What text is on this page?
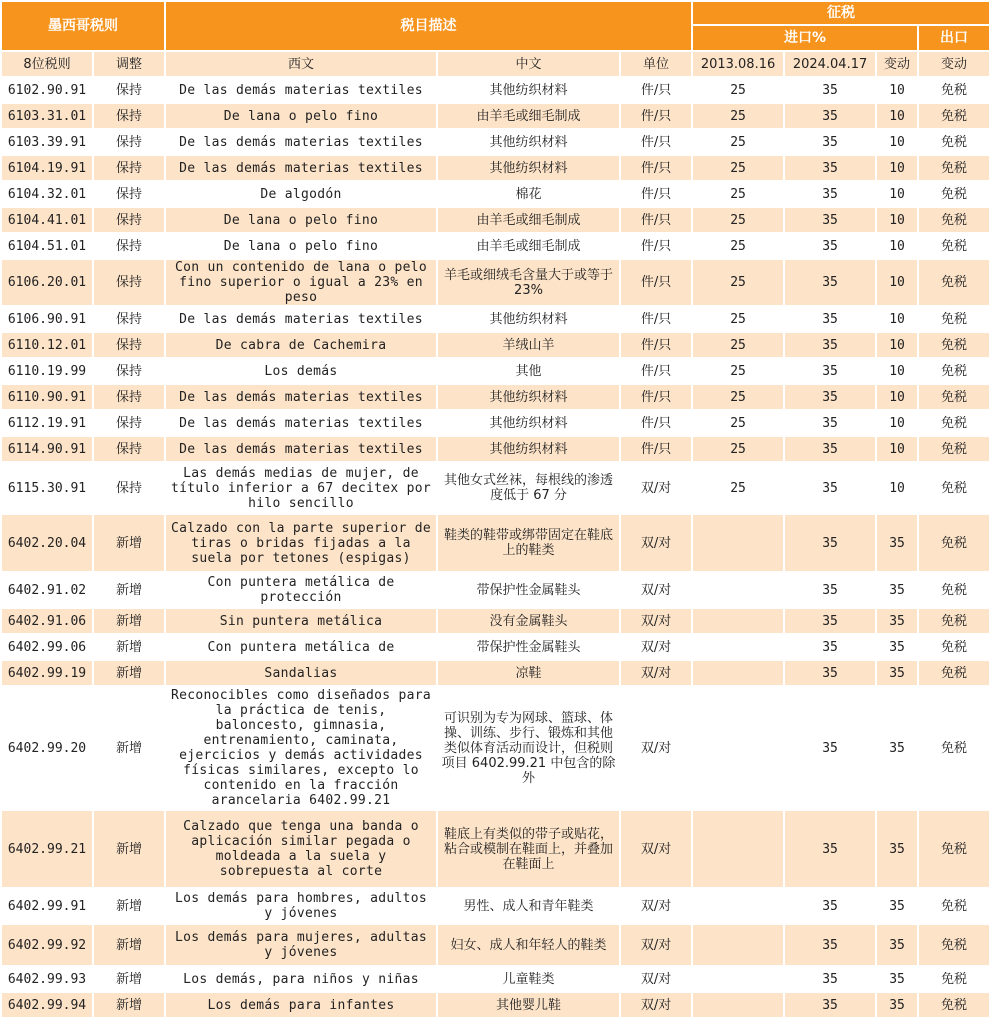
墨西哥税则		税目描述			征税			
					进口%			出口
8位税则	调整	西文	中文	单位	2013.08.16	2024.04.17	变动	变动
6102.90.91	保持	De las demás materias textiles	其他纺织材料	件/只	25	35	10	免税
6103.31.01	保持	De lana o pelo fino	由羊毛或细毛制成	件/只	25	35	10	免税
6103.39.91	保持	De las demás materias textiles	其他纺织材料	件/只	25	35	10	免税
6104.19.91	保持	De las demás materias textiles	其他纺织材料	件/只	25	35	10	免税
6104.32.01	保持	De algodón	棉花	件/只	25	35	10	免税
6104.41.01	保持	De lana o pelo fino	由羊毛或细毛制成	件/只	25	35	10	免税
6104.51.01	保持	De lana o pelo fino	由羊毛或细毛制成	件/只	25	35	10	免税
6106.20.01	保持	Con un contenido de lana o pelo fino superior o igual a 23% en peso	羊毛或细绒毛含量大于或等于 23%	件/只	25	35	10	免税
6106.90.91	保持	De las demás materias textiles	其他纺织材料	件/只	25	35	10	免税
6110.12.01	保持	De cabra de Cachemira	羊绒山羊	件/只	25	35	10	免税
6110.19.99	保持	Los demás	其他	件/只	25	35	10	免税
6110.90.91	保持	De las demás materias textiles	其他纺织材料	件/只	25	35	10	免税
6112.19.91	保持	De las demás materias textiles	其他纺织材料	件/只	25	35	10	免税
6114.90.91	保持	De las demás materias textiles	其他纺织材料	件/只	25	35	10	免税
6115.30.91	保持	Las demás medias de mujer, de título inferior a 67 decitex por hilo sencillo	其他女式丝袜，每根线的渗透度低于 67 分	双/对	25	35	10	免税
6402.20.04	新增	Calzado con la parte superior de tiras o bridas fijadas a la suela por tetones (espigas)	鞋类的鞋带或绑带固定在鞋底上的鞋类	双/对		35	35	免税
6402.91.02	新增	Con puntera metálica de protección	带保护性金属鞋头	双/对		35	35	免税
6402.91.06	新增	Sin puntera metálica	没有金属鞋头	双/对		35	35	免税
6402.99.06	新增	Con puntera metálica de	带保护性金属鞋头	双/对		35	35	免税
6402.99.19	新增	Sandalias	凉鞋	双/对		35	35	免税
6402.99.20	新增	Reconocibles como diseñados para la práctica de tenis, baloncesto, gimnasia, entrenamiento, caminata, ejercicios y demás actividades físicas similares, excepto lo contenido en la fracción arancelaria 6402.99.21	可识别为专为网球、篮球、体操、训练、步行、锻炼和其他类似体育活动而设计，但税则项目 6402.99.21 中包含的除外	双/对		35	35	免税
6402.99.21	新增	Calzado que tenga una banda o aplicación similar pegada o moldeada a la suela y sobrepuesta al corte	鞋底上有类似的带子或贴花，粘合或模制在鞋面上，并叠加在鞋面上	双/对		35	35	免税
6402.99.91	新增	Los demás para hombres, adultos y jóvenes	男性、成人和青年鞋类	双/对		35	35	免税
6402.99.92	新增	Los demás para mujeres, adultas y jóvenes	妇女、成人和年轻人的鞋类	双/对		35	35	免税
6402.99.93	新增	Los demás, para niños y niñas	儿童鞋类	双/对		35	35	免税
6402.99.94	新增	Los demás para infantes	其他婴儿鞋	双/对		35	35	免税
